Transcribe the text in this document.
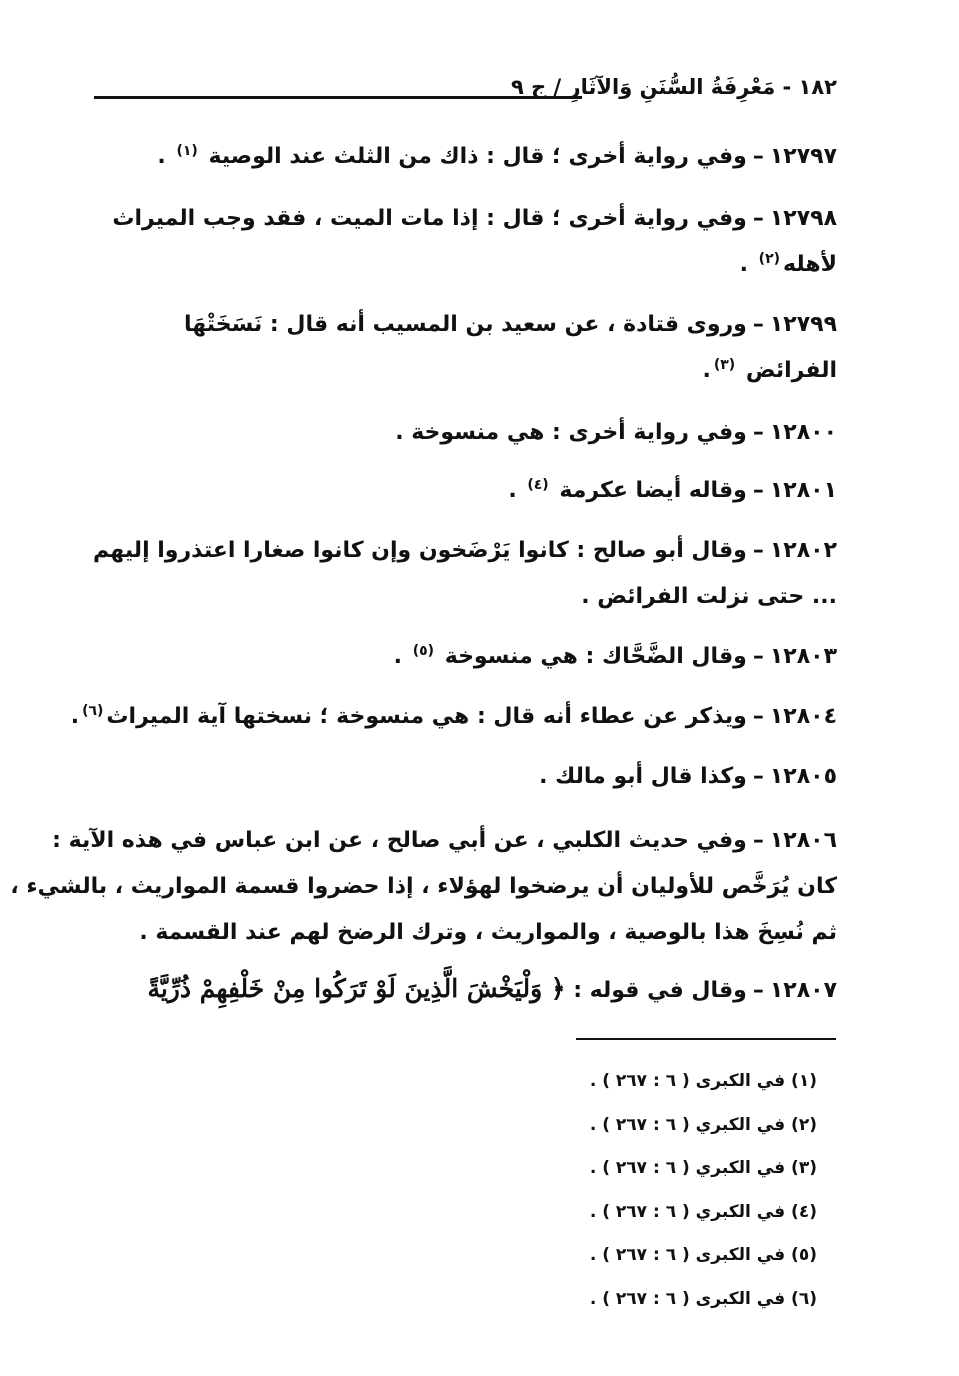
١٨٢ - مَعْرِفَةُ السُّنَنِ وَالآثَارِ / ج ٩
١٢٧٩٧–وفي رواية أخرى ؛ قال : ذاك من الثلث عند الوصية $^{(١)}$ .
١٢٧٩٨–وفي رواية أخرى ؛ قال : إذا مات الميت ، فقد وجب الميراث
لأهله$^{(٢)}$ .
١٢٧٩٩–وروى قتادة ، عن سعيد بن المسيب أنه قال : نَسَخَتْهَا
الفرائض $^{(٣)}$.
١٢٨٠٠–وفي رواية أخرى : هي منسوخة .
١٢٨٠١–وقاله أيضا عكرمة $^{(٤)}$ .
١٢٨٠٢–وقال أبو صالح : كانوا يَرْضَخون وإن كانوا صغارا اعتذروا إليهم
... حتى نزلت الفرائض .
١٢٨٠٣–وقال الضَّحَّاك : هي منسوخة $^{(٥)}$ .
١٢٨٠٤–ويذكر عن عطاء أنه قال : هي منسوخة ؛ نسختها آية الميراث$^{(٦)}$.
١٢٨٠٥–وكذا قال أبو مالك .
١٢٨٠٦–وفي حديث الكلبي ، عن أبي صالح ، عن ابن عباس في هذه الآية :
كان يُرَخَّص للأوليان أن يرضخوا لهؤلاء ، إذا حضروا قسمة المواريث ، بالشيء ،
ثم نُسِخَ هذا بالوصية ، والمواريث ، وترك الرضخ لهم عند القسمة .
١٢٨٠٧–وقال في قوله : ﴿ وَلْيَخْشَ الَّذِينَ لَوْ تَرَكُوا مِنْ خَلْفِهِمْ ذُرِّيَّةً
(١) في الكبرى ( ٦ : ٢٦٧ ) .
(٢) في الكبري ( ٦ : ٢٦٧ ) .
(٣) في الكبري ( ٦ : ٢٦٧ ) .
(٤) في الكبري ( ٦ : ٢٦٧ ) .
(٥) في الكبرى ( ٦ : ٢٦٧ ) .
(٦) في الكبرى ( ٦ : ٢٦٧ ) .
